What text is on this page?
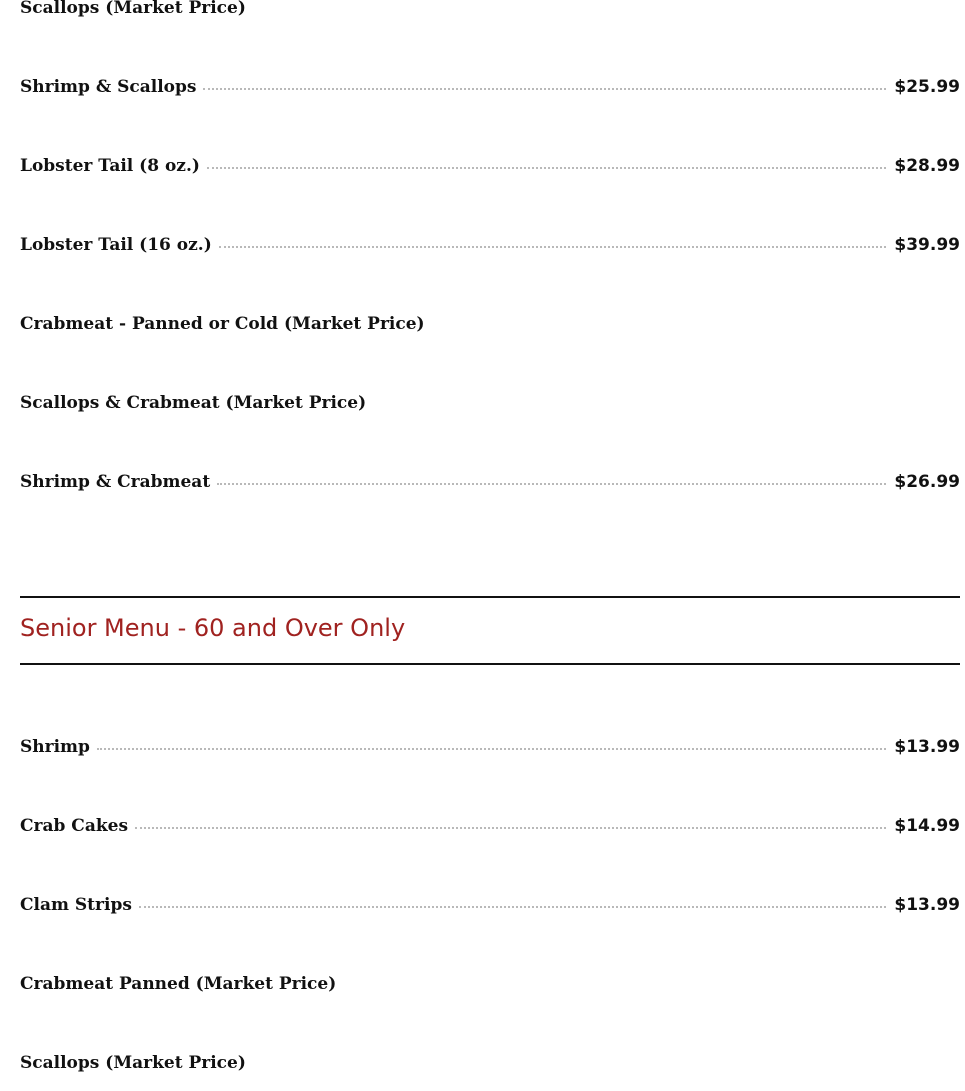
Scallops (Market Price)
Shrimp & Scallops	$25.99
Lobster Tail (8 oz.)	$28.99
Lobster Tail (16 oz.)	$39.99
Crabmeat - Panned or Cold (Market Price)
Scallops & Crabmeat (Market Price)
Shrimp & Crabmeat	$26.99
Senior Menu - 60 and Over Only
Shrimp	$13.99
Crab Cakes	$14.99
Clam Strips	$13.99
Crabmeat Panned (Market Price)
Scallops (Market Price)
